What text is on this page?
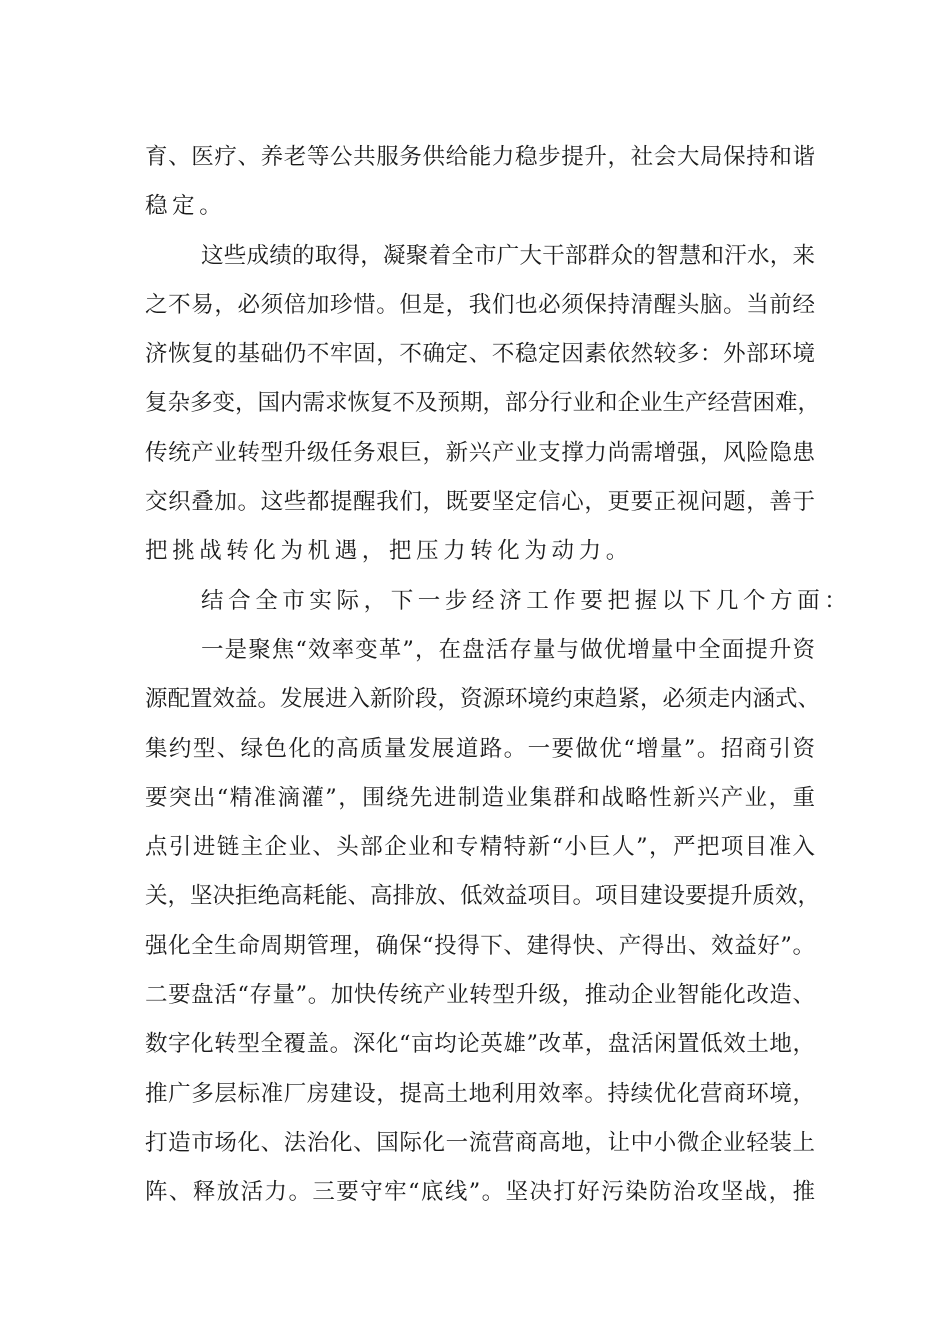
育、医疗、养老等公共服务供给能力稳步提升，社会大局保持和谐
稳定。
这些成绩的取得，凝聚着全市广大干部群众的智慧和汗水，来
之不易，必须倍加珍惜。但是，我们也必须保持清醒头脑。当前经
济恢复的基础仍不牢固，不确定、不稳定因素依然较多：外部环境
复杂多变，国内需求恢复不及预期，部分行业和企业生产经营困难，
传统产业转型升级任务艰巨，新兴产业支撑力尚需增强，风险隐患
交织叠加。这些都提醒我们，既要坚定信心，更要正视问题，善于
把挑战转化为机遇，把压力转化为动力。
结合全市实际，下一步经济工作要把握以下几个方面：
一是聚焦“效率变革”，在盘活存量与做优增量中全面提升资
源配置效益。发展进入新阶段，资源环境约束趋紧，必须走内涵式、
集约型、绿色化的高质量发展道路。一要做优“增量”。招商引资
要突出“精准滴灌”，围绕先进制造业集群和战略性新兴产业，重
点引进链主企业、头部企业和专精特新“小巨人”，严把项目准入
关，坚决拒绝高耗能、高排放、低效益项目。项目建设要提升质效，
强化全生命周期管理，确保“投得下、建得快、产得出、效益好”。
二要盘活“存量”。加快传统产业转型升级，推动企业智能化改造、
数字化转型全覆盖。深化“亩均论英雄”改革，盘活闲置低效土地，
推广多层标准厂房建设，提高土地利用效率。持续优化营商环境，
打造市场化、法治化、国际化一流营商高地，让中小微企业轻装上
阵、释放活力。三要守牢“底线”。坚决打好污染防治攻坚战，推
